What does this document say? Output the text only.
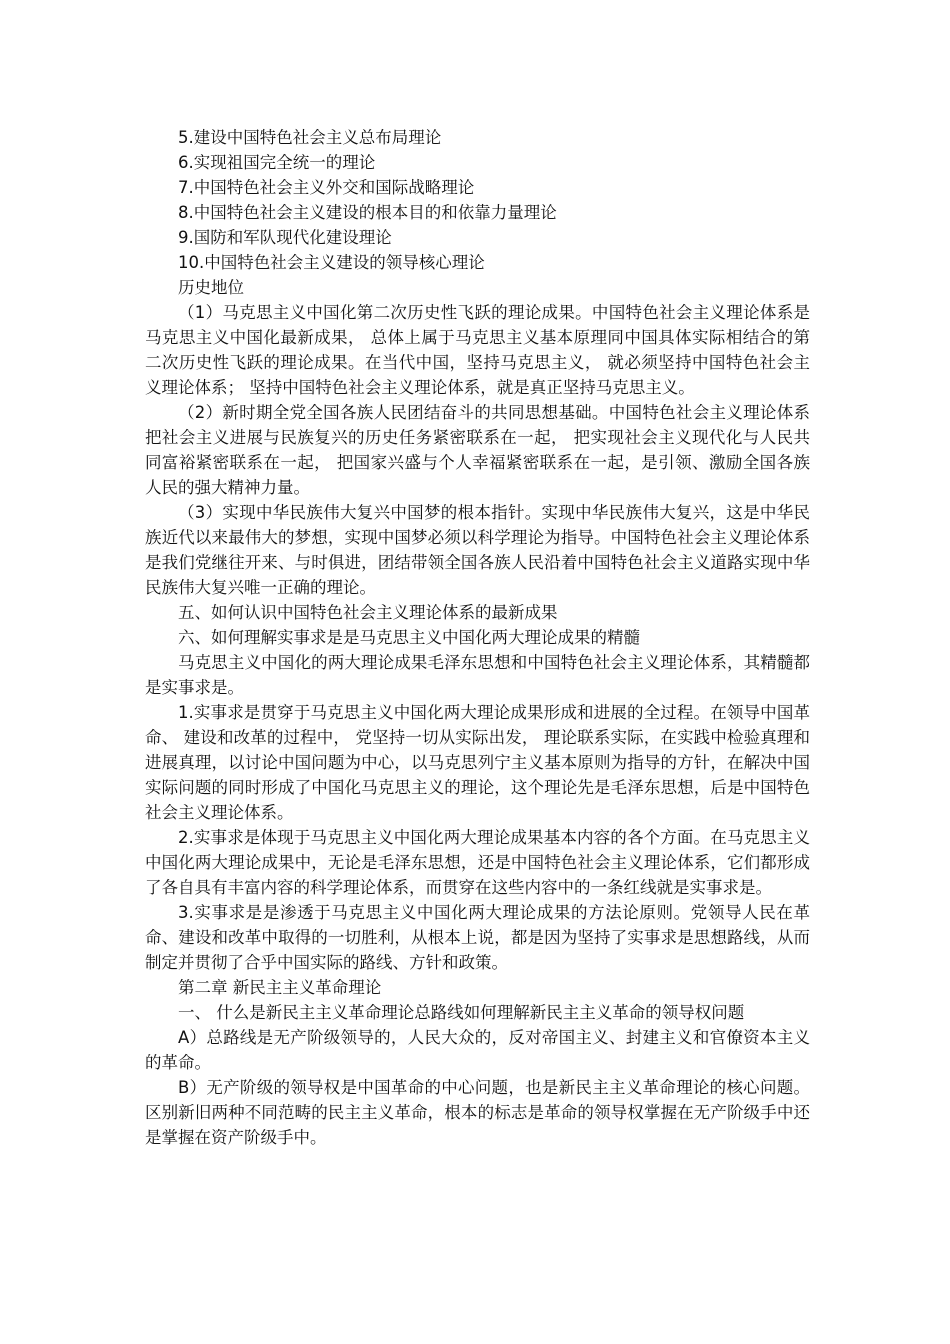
5.建设中国特色社会主义总布局理论

6.实现祖国完全统一的理论

7.中国特色社会主义外交和国际战略理论

8.中国特色社会主义建设的根本目的和依靠力量理论

9.国防和军队现代化建设理论

10.中国特色社会主义建设的领导核心理论

历史地位

（1）马克思主义中国化第二次历史性飞跃的理论成果。中国特色社会主义理论体系是马克思主义中国化最新成果， 总体上属于马克思主义基本原理同中国具体实际相结合的第二次历史性飞跃的理论成果。在当代中国，坚持马克思主义， 就必须坚持中国特色社会主义理论体系； 坚持中国特色社会主义理论体系，就是真正坚持马克思主义。

（2）新时期全党全国各族人民团结奋斗的共同思想基础。中国特色社会主义理论体系把社会主义进展与民族复兴的历史任务紧密联系在一起， 把实现社会主义现代化与人民共同富裕紧密联系在一起， 把国家兴盛与个人幸福紧密联系在一起，是引领、激励全国各族人民的强大精神力量。

（3）实现中华民族伟大复兴中国梦的根本指针。实现中华民族伟大复兴，这是中华民族近代以来最伟大的梦想，实现中国梦必须以科学理论为指导。中国特色社会主义理论体系是我们党继往开来、与时俱进，团结带领全国各族人民沿着中国特色社会主义道路实现中华民族伟大复兴唯一正确的理论。

五、如何认识中国特色社会主义理论体系的最新成果

六、如何理解实事求是是马克思主义中国化两大理论成果的精髓

马克思主义中国化的两大理论成果毛泽东思想和中国特色社会主义理论体系，其精髓都是实事求是。

1.实事求是贯穿于马克思主义中国化两大理论成果形成和进展的全过程。在领导中国革命、 建设和改革的过程中， 党坚持一切从实际出发， 理论联系实际，在实践中检验真理和进展真理，以讨论中国问题为中心，以马克思列宁主义基本原则为指导的方针，在解决中国实际问题的同时形成了中国化马克思主义的理论，这个理论先是毛泽东思想，后是中国特色社会主义理论体系。

2.实事求是体现于马克思主义中国化两大理论成果基本内容的各个方面。在马克思主义中国化两大理论成果中，无论是毛泽东思想，还是中国特色社会主义理论体系，它们都形成了各自具有丰富内容的科学理论体系，而贯穿在这些内容中的一条红线就是实事求是。

3.实事求是是渗透于马克思主义中国化两大理论成果的方法论原则。党领导人民在革命、建设和改革中取得的一切胜利，从根本上说，都是因为坚持了实事求是思想路线，从而制定并贯彻了合乎中国实际的路线、方针和政策。

第二章 新民主主义革命理论

一、 什么是新民主主义革命理论总路线如何理解新民主主义革命的领导权问题

A）总路线是无产阶级领导的，人民大众的，反对帝国主义、封建主义和官僚资本主义的革命。

B）无产阶级的领导权是中国革命的中心问题，也是新民主主义革命理论的核心问题。区别新旧两种不同范畴的民主主义革命，根本的标志是革命的领导权掌握在无产阶级手中还是掌握在资产阶级手中。
